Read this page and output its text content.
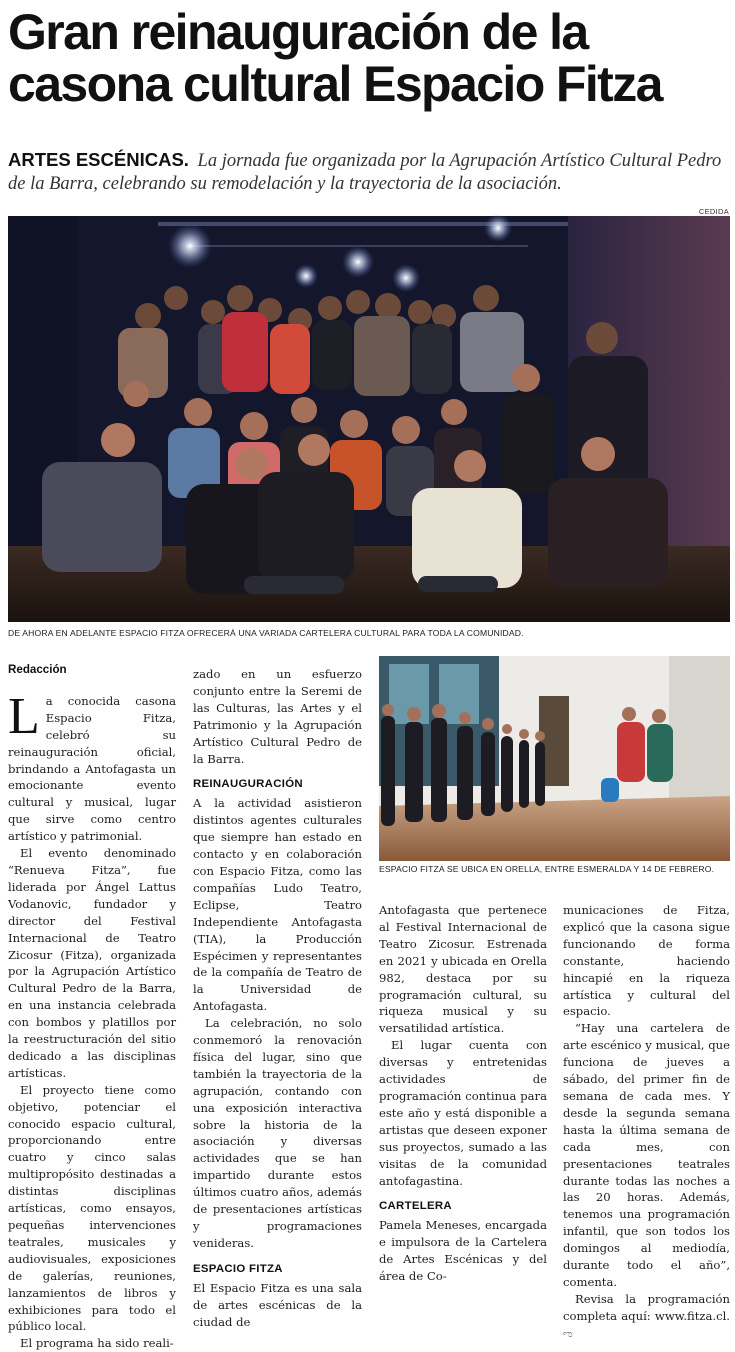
Gran reinauguración de la casona cultural Espacio Fitza
ARTES ESCÉNICAS. La jornada fue organizada por la Agrupación Artístico Cultural Pedro de la Barra, celebrando su remodelación y la trayectoria de la asociación.
CEDIDA
DE AHORA EN ADELANTE ESPACIO FITZA OFRECERÁ UNA VARIADA CARTELERA CULTURAL PARA TODA LA COMUNIDAD.
ESPACIO FITZA SE UBICA EN ORELLA, ENTRE ESMERALDA Y 14 DE FEBRERO.

Redacción

La conocida casona Espacio Fitza, celebró su reinauguración oficial, brindando a Antofagasta un emocionante evento cultural y musical, lugar que sirve como centro artístico y patrimonial.

El evento denominado “Renueva Fitza”, fue liderada por Ángel Lattus Vodanovic, fundador y director del Festival Internacional de Teatro Zicosur (Fitza), organizada por la Agrupación Artístico Cultural Pedro de la Barra, en una instancia celebrada con bombos y platillos por la reestructuración del sitio dedicado a las disciplinas artísticas.

El proyecto tiene como objetivo, potenciar el conocido espacio cultural, proporcionando entre cuatro y cinco salas multipropósito destinadas a distintas disciplinas artísticas, como ensayos, pequeñas intervenciones teatrales, musicales y audiovisuales, exposiciones de galerías, reuniones, lanzamientos de libros y exhibiciones para todo el público local.

El programa ha sido reali-

zado en un esfuerzo conjunto entre la Seremi de las Culturas, las Artes y el Patrimonio y la Agrupación Artístico Cultural Pedro de la Barra.

REINAUGURACIÓN

A la actividad asistieron distintos agentes culturales que siempre han estado en contacto y en colaboración con Espacio Fitza, como las compañías Ludo Teatro, Eclipse, Teatro Independiente Antofagasta (TIA), la Producción Espécimen y representantes de la compañía de Teatro de la Universidad de Antofagasta.

La celebración, no solo conmemoró la renovación física del lugar, sino que también la trayectoria de la agrupación, contando con una exposición interactiva sobre la historia de la asociación y diversas actividades que se han impartido durante estos últimos cuatro años, además de presentaciones artísticas y programaciones venideras.

ESPACIO FITZA

El Espacio Fitza es una sala de artes escénicas de la ciudad de

Antofagasta que pertenece al Festival Internacional de Teatro Zicosur. Estrenada en 2021 y ubicada en Orella 982, destaca por su programación cultural, su riqueza musical y su versatilidad artística.

El lugar cuenta con diversas y entretenidas actividades de programación continua para este año y está disponible a artistas que deseen exponer sus proyectos, sumado a las visitas de la comunidad antofagastina.

CARTELERA

Pamela Meneses, encargada e impulsora de la Cartelera de Artes Escénicas y del área de Co-

municaciones de Fitza, explicó que la casona sigue funcionando de forma constante, haciendo hincapié en la riqueza artística y cultural del espacio.

“Hay una cartelera de arte escénico y musical, que funciona de jueves a sábado, del primer fin de semana de cada mes. Y desde la segunda semana hasta la última semana de cada mes, con presentaciones teatrales durante todas las noches a las 20 horas. Además, tenemos una programación infantil, que son todos los domingos al mediodía, durante todo el año”, comenta.

Revisa la programación completa aquí: www.fitza.cl. ಌ
